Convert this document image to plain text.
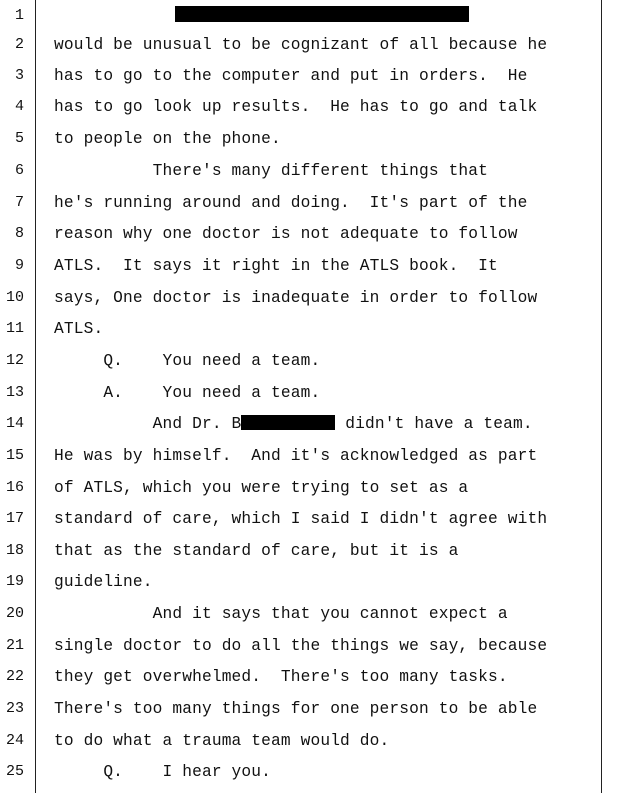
1
2 would be unusual to be cognizant of all because he
3 has to go to the computer and put in orders.  He
4 has to go look up results.  He has to go and talk
5 to people on the phone.
6 There's many different things that
7 he's running around and doing.  It's part of the
8 reason why one doctor is not adequate to follow
9 ATLS.  It says it right in the ATLS book.  It
10 says, One doctor is inadequate in order to follow
11 ATLS.
12 Q.    You need a team.
13 A.    You need a team.
14 And Dr. B	didn't have a team.
15 He was by himself.  And it's acknowledged as part
16 of ATLS, which you were trying to set as a
17 standard of care, which I said I didn't agree with
18 that as the standard of care, but it is a
19 guideline.
20 And it says that you cannot expect a
21 single doctor to do all the things we say, because
22 they get overwhelmed.  There's too many tasks.
23 There's too many things for one person to be able
24 to do what a trauma team would do.
25 Q.    I hear you.
